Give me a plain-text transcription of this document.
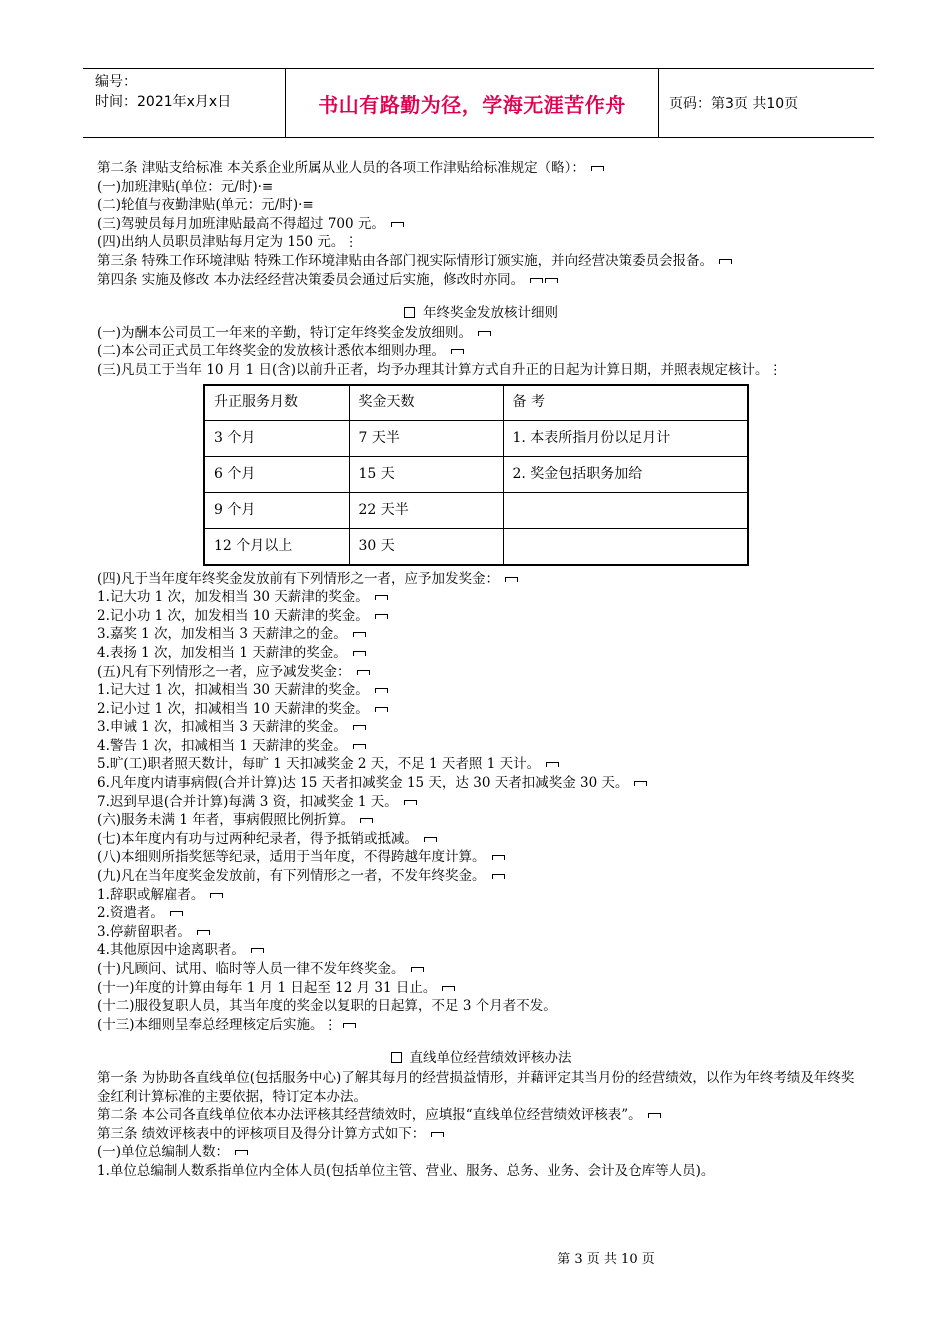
编号：
时间：2021年x月x日	书山有路勤为径，学海无涯苦作舟	页码：第3页 共10页
第二条 津贴支给标准 本关系企业所属从业人员的各项工作津贴给标准规定（略）：
(一)加班津贴(单位：元/时)·≡
(二)轮值与夜勤津贴(单元：元/时)·≡
(三)驾驶员每月加班津贴最高不得超过 700 元。
(四)出纳人员职员津贴每月定为 150 元。⋮
第三条 特殊工作环境津贴 特殊工作环境津贴由各部门视实际情形订颁实施，并向经营决策委员会报备。
第四条 实施及修改 本办法经经营决策委员会通过后实施，修改时亦同。
年终奖金发放核计细则
(一)为酬本公司员工一年来的辛勤，特订定年终奖金发放细则。
(二)本公司正式员工年终奖金的发放核计悉依本细则办理。
(三)凡员工于当年 10 月 1 日(含)以前升正者，均予办理其计算方式自升正的日起为计算日期，并照表规定核计。⋮
升正服务月数	奖金天数	备 考
3 个月	7 天半	1. 本表所指月份以足月计
6 个月	15 天	2. 奖金包括职务加给
9 个月	22 天半	
12 个月以上	30 天	
(四)凡于当年度年终奖金发放前有下列情形之一者，应予加发奖金：
1.记大功 1 次，加发相当 30 天薪津的奖金。
2.记小功 1 次，加发相当 10 天薪津的奖金。
3.嘉奖 1 次，加发相当 3 天薪津之的金。
4.表扬 1 次，加发相当 1 天薪津的奖金。
(五)凡有下列情形之一者，应予减发奖金：
1.记大过 1 次，扣减相当 30 天薪津的奖金。
2.记小过 1 次，扣减相当 10 天薪津的奖金。
3.申诫 1 次，扣减相当 3 天薪津的奖金。
4.警告 1 次，扣减相当 1 天薪津的奖金。
5.旷(工)职者照天数计，每旷 1 天扣减奖金 2 天，不足 1 天者照 1 天计。
6.凡年度内请事病假(合并计算)达 15 天者扣减奖金 15 天，达 30 天者扣减奖金 30 天。
7.迟到早退(合并计算)每满 3 资，扣减奖金 1 天。
(六)服务未满 1 年者，事病假照比例折算。
(七)本年度内有功与过两种纪录者，得予抵销或抵减。
(八)本细则所指奖惩等纪录，适用于当年度，不得跨越年度计算。
(九)凡在当年度奖金发放前，有下列情形之一者，不发年终奖金。
1.辞职或解雇者。
2.资遣者。
3.停薪留职者。
4.其他原因中途离职者。
(十)凡顾问、试用、临时等人员一律不发年终奖金。
(十一)年度的计算由每年 1 月 1 日起至 12 月 31 日止。
(十二)服役复职人员，其当年度的奖金以复职的日起算，不足 3 个月者不发。
(十三)本细则呈奉总经理核定后实施。⋮
直线单位经营绩效评核办法
第一条 为协助各直线单位(包括服务中心)了解其每月的经营损益情形，并藉评定其当月份的经营绩效，以作为年终考绩及年终奖金红利计算标准的主要依据，特订定本办法。
第二条 本公司各直线单位依本办法评核其经营绩效时，应填报“直线单位经营绩效评核表”。
第三条 绩效评核表中的评核项目及得分计算方式如下：
(一)单位总编制人数：
1.单位总编制人数系指单位内全体人员(包括单位主管、营业、服务、总务、业务、会计及仓库等人员)。
第 3 页 共 10 页
